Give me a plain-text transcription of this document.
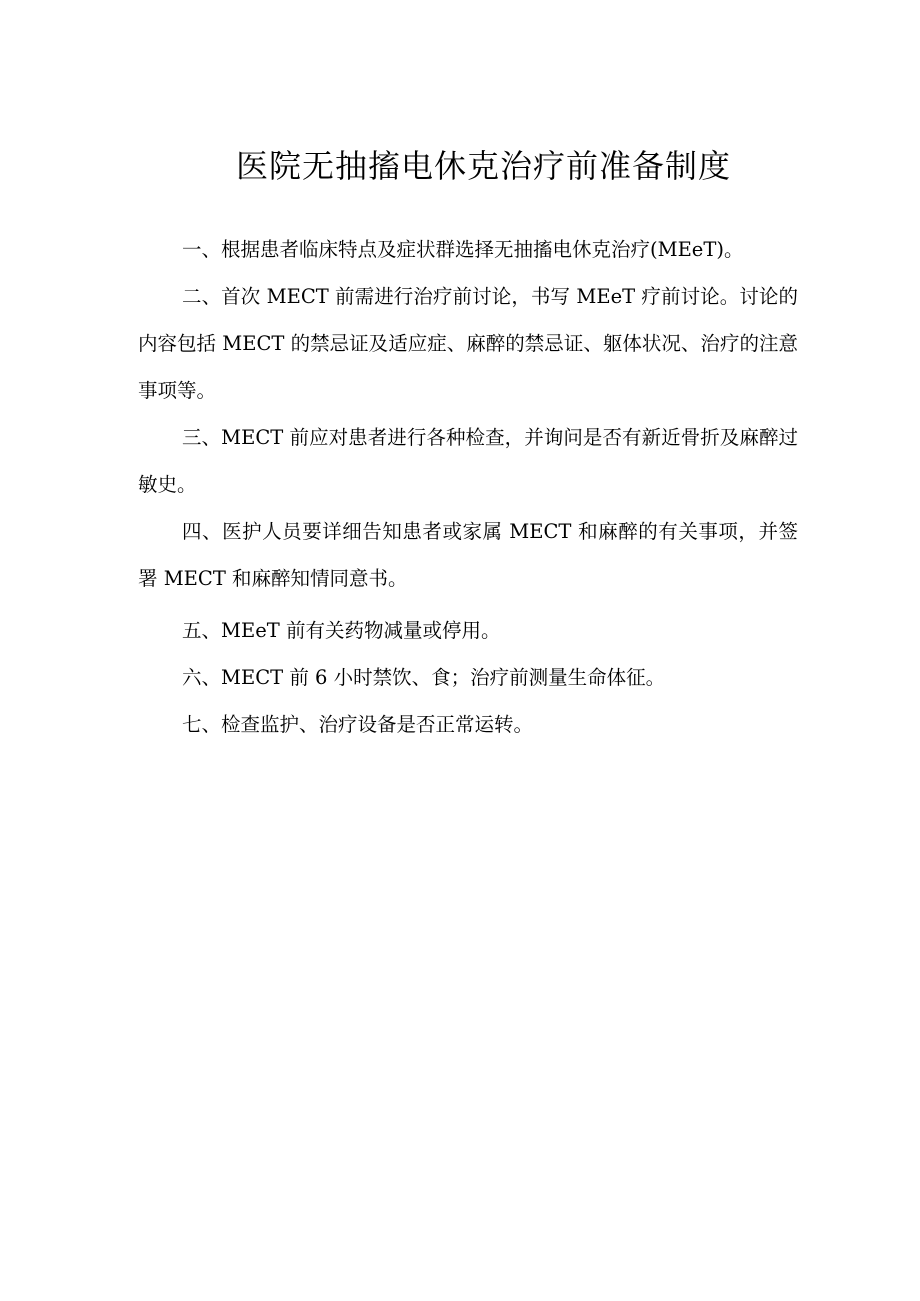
医院无抽搐电休克治疗前准备制度

一、根据患者临床特点及症状群选择无抽搐电休克治疗(MEeT)。

二、首次 MECT 前需进行治疗前讨论，书写 MEeT 疗前讨论。讨论的内容包括 MECT 的禁忌证及适应症、麻醉的禁忌证、躯体状况、治疗的注意事项等。

三、MECT 前应对患者进行各种检查，并询问是否有新近骨折及麻醉过敏史。

四、医护人员要详细告知患者或家属 MECT 和麻醉的有关事项，并签署 MECT 和麻醉知情同意书。

五、MEeT 前有关药物减量或停用。

六、MECT 前 6 小时禁饮、食；治疗前测量生命体征。

七、检查监护、治疗设备是否正常运转。
